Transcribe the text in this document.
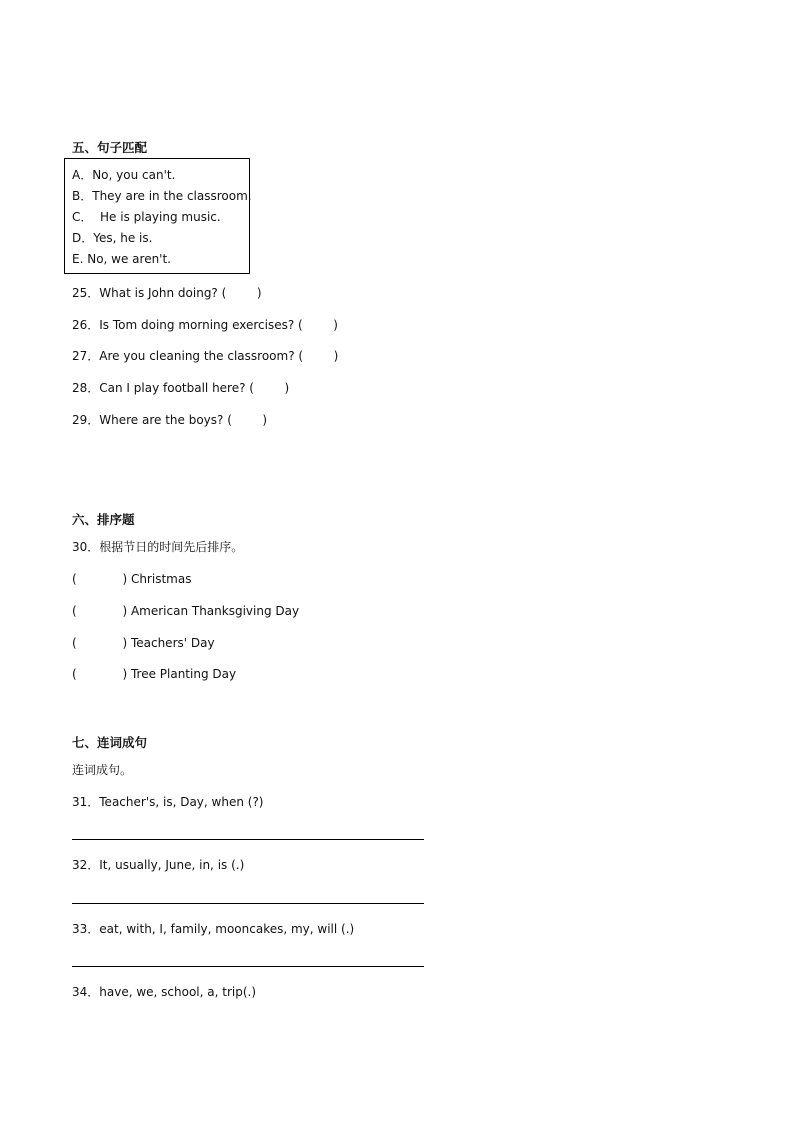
五、句子匹配
A．No, you can't.
B．They are in the classroom.
C．  He is playing music.
D．Yes, he is.
E. No, we aren't.
25．What is John doing? (        )
26．Is Tom doing morning exercises? (        )
27．Are you cleaning the classroom? (        )
28．Can I play football here? (        )
29．Where are the boys? (        )
六、排序题
30．根据节日的时间先后排序。
(            ) Christmas
(            ) American Thanksgiving Day
(            ) Teachers' Day
(            ) Tree Planting Day
七、连词成句
连词成句。
31．Teacher's, is, Day, when (?)
32．It, usually, June, in, is (.)
33．eat, with, I, family, mooncakes, my, will (.)
34．have, we, school, a, trip(.)
